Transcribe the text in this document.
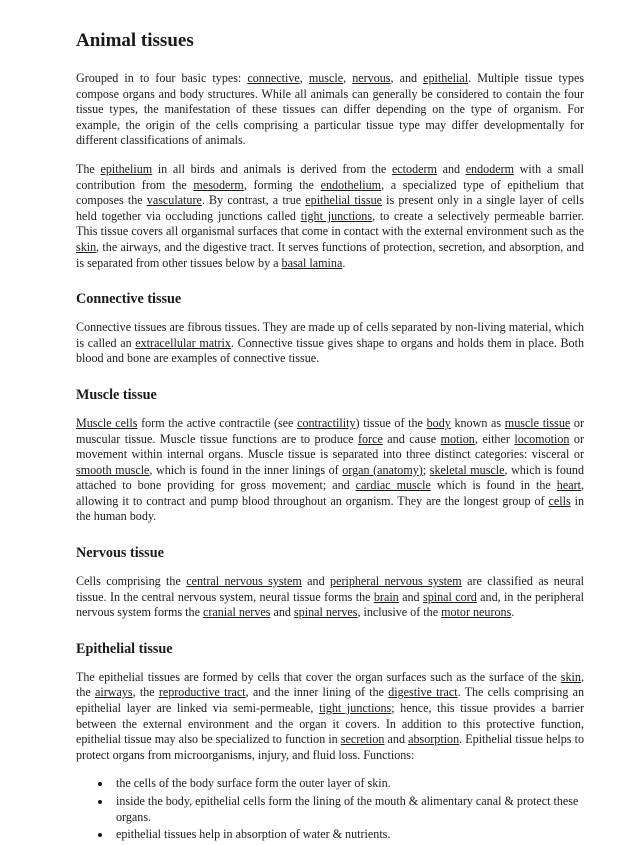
Animal tissues

Grouped in to four basic types: connective, muscle, nervous, and epithelial. Multiple tissue types compose organs and body structures. While all animals can generally be considered to contain the four tissue types, the manifestation of these tissues can differ depending on the type of organism. For example, the origin of the cells comprising a particular tissue type may differ developmentally for different classifications of animals.

The epithelium in all birds and animals is derived from the ectoderm and endoderm with a small contribution from the mesoderm, forming the endothelium, a specialized type of epithelium that composes the vasculature. By contrast, a true epithelial tissue is present only in a single layer of cells held together via occluding junctions called tight junctions, to create a selectively permeable barrier. This tissue covers all organismal surfaces that come in contact with the external environment such as the skin, the airways, and the digestive tract. It serves functions of protection, secretion, and absorption, and is separated from other tissues below by a basal lamina.

Connective tissue

Connective tissues are fibrous tissues. They are made up of cells separated by non-living material, which is called an extracellular matrix. Connective tissue gives shape to organs and holds them in place. Both blood and bone are examples of connective tissue.

Muscle tissue

Muscle cells form the active contractile (see contractility) tissue of the body known as muscle tissue or muscular tissue. Muscle tissue functions are to produce force and cause motion, either locomotion or movement within internal organs. Muscle tissue is separated into three distinct categories: visceral or smooth muscle, which is found in the inner linings of organ (anatomy); skeletal muscle, which is found attached to bone providing for gross movement; and cardiac muscle which is found in the heart, allowing it to contract and pump blood throughout an organism. They are the longest group of cells in the human body.

Nervous tissue

Cells comprising the central nervous system and peripheral nervous system are classified as neural tissue. In the central nervous system, neural tissue forms the brain and spinal cord and, in the peripheral nervous system forms the cranial nerves and spinal nerves, inclusive of the motor neurons.

Epithelial tissue

The epithelial tissues are formed by cells that cover the organ surfaces such as the surface of the skin, the airways, the reproductive tract, and the inner lining of the digestive tract. The cells comprising an epithelial layer are linked via semi-permeable, tight junctions; hence, this tissue provides a barrier between the external environment and the organ it covers. In addition to this protective function, epithelial tissue may also be specialized to function in secretion and absorption. Epithelial tissue helps to protect organs from microorganisms, injury, and fluid loss. Functions:

• the cells of the body surface form the outer layer of skin.
• inside the body, epithelial cells form the lining of the mouth & alimentary canal & protect these organs.
• epithelial tissues help in absorption of water & nutrients.
